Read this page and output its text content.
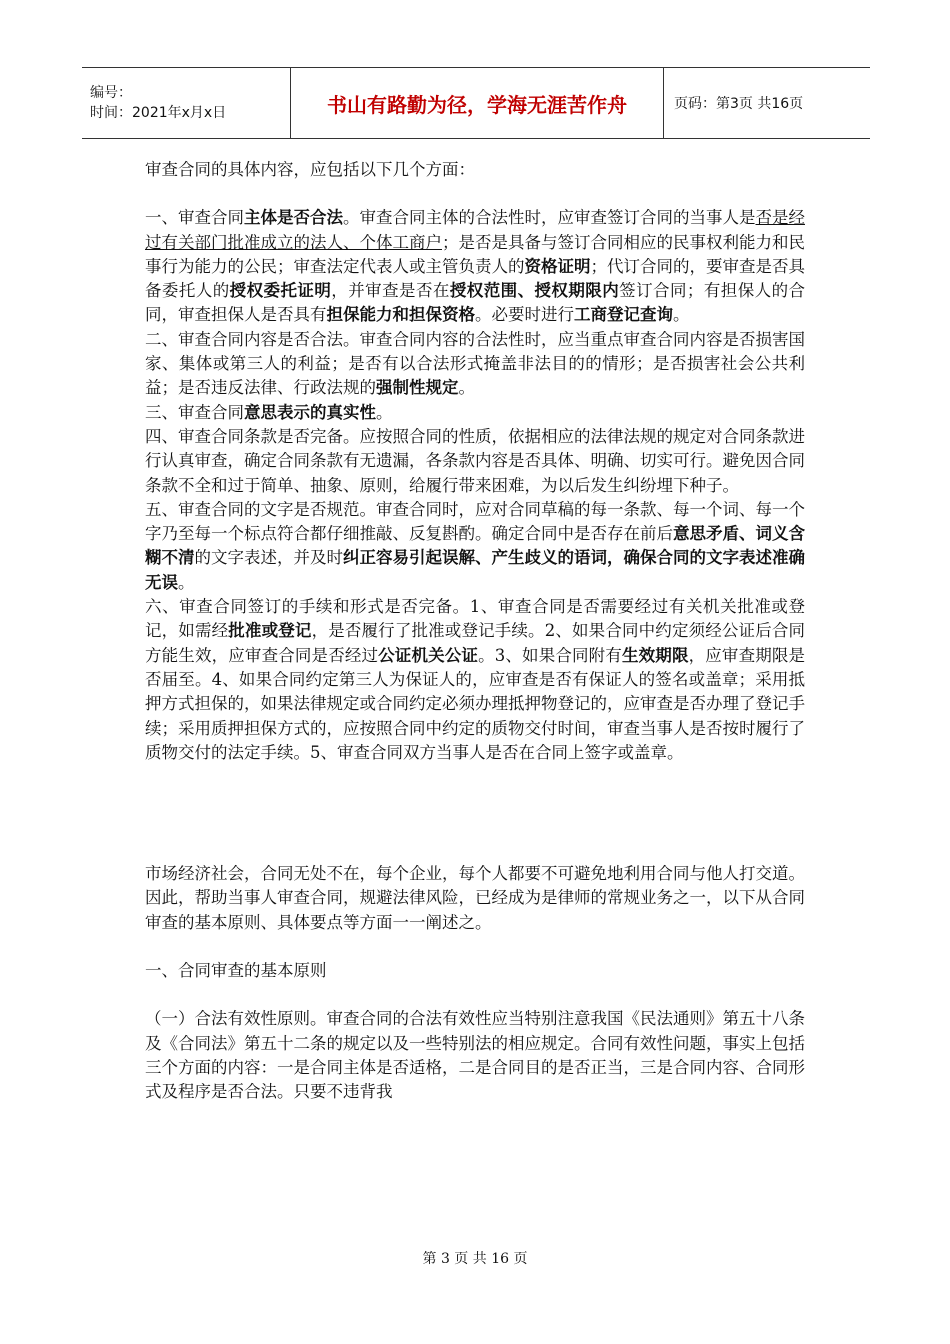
编号：
时间：2021年x月x日	书山有路勤为径，学海无涯苦作舟	页码：第3页 共16页

审查合同的具体内容，应包括以下几个方面：

一、审查合同主体是否合法。审查合同主体的合法性时，应审查签订合同的当事人是否是经过有关部门批准成立的法人、个体工商户；是否是具备与签订合同相应的民事权利能力和民事行为能力的公民；审查法定代表人或主管负责人的资格证明；代订合同的，要审查是否具备委托人的授权委托证明，并审查是否在授权范围、授权期限内签订合同；有担保人的合同，审查担保人是否具有担保能力和担保资格。必要时进行工商登记查询。

二、审查合同内容是否合法。审查合同内容的合法性时，应当重点审查合同内容是否损害国家、集体或第三人的利益；是否有以合法形式掩盖非法目的的情形；是否损害社会公共利益；是否违反法律、行政法规的强制性规定。

三、审查合同意思表示的真实性。

四、审查合同条款是否完备。应按照合同的性质，依据相应的法律法规的规定对合同条款进行认真审查，确定合同条款有无遗漏，各条款内容是否具体、明确、切实可行。避免因合同条款不全和过于简单、抽象、原则，给履行带来困难，为以后发生纠纷埋下种子。

五、审查合同的文字是否规范。审查合同时，应对合同草稿的每一条款、每一个词、每一个字乃至每一个标点符合都仔细推敲、反复斟酌。确定合同中是否存在前后意思矛盾、词义含糊不清的文字表述，并及时纠正容易引起误解、产生歧义的语词，确保合同的文字表述准确无误。

六、审查合同签订的手续和形式是否完备。1、审查合同是否需要经过有关机关批准或登记，如需经批准或登记，是否履行了批准或登记手续。2、如果合同中约定须经公证后合同方能生效，应审查合同是否经过公证机关公证。3、如果合同附有生效期限，应审查期限是否届至。4、如果合同约定第三人为保证人的，应审查是否有保证人的签名或盖章；采用抵押方式担保的，如果法律规定或合同约定必须办理抵押物登记的，应审查是否办理了登记手续；采用质押担保方式的，应按照合同中约定的质物交付时间，审查当事人是否按时履行了质物交付的法定手续。5、审查合同双方当事人是否在合同上签字或盖章。

市场经济社会，合同无处不在，每个企业，每个人都要不可避免地利用合同与他人打交道。因此，帮助当事人审查合同，规避法律风险，已经成为是律师的常规业务之一，以下从合同审查的基本原则、具体要点等方面一一阐述之。

一、合同审查的基本原则

（一）合法有效性原则。审查合同的合法有效性应当特别注意我国《民法通则》第五十八条及《合同法》第五十二条的规定以及一些特别法的相应规定。合同有效性问题，事实上包括三个方面的内容：一是合同主体是否适格，二是合同目的是否正当，三是合同内容、合同形式及程序是否合法。只要不违背我

第 3 页 共 16 页
